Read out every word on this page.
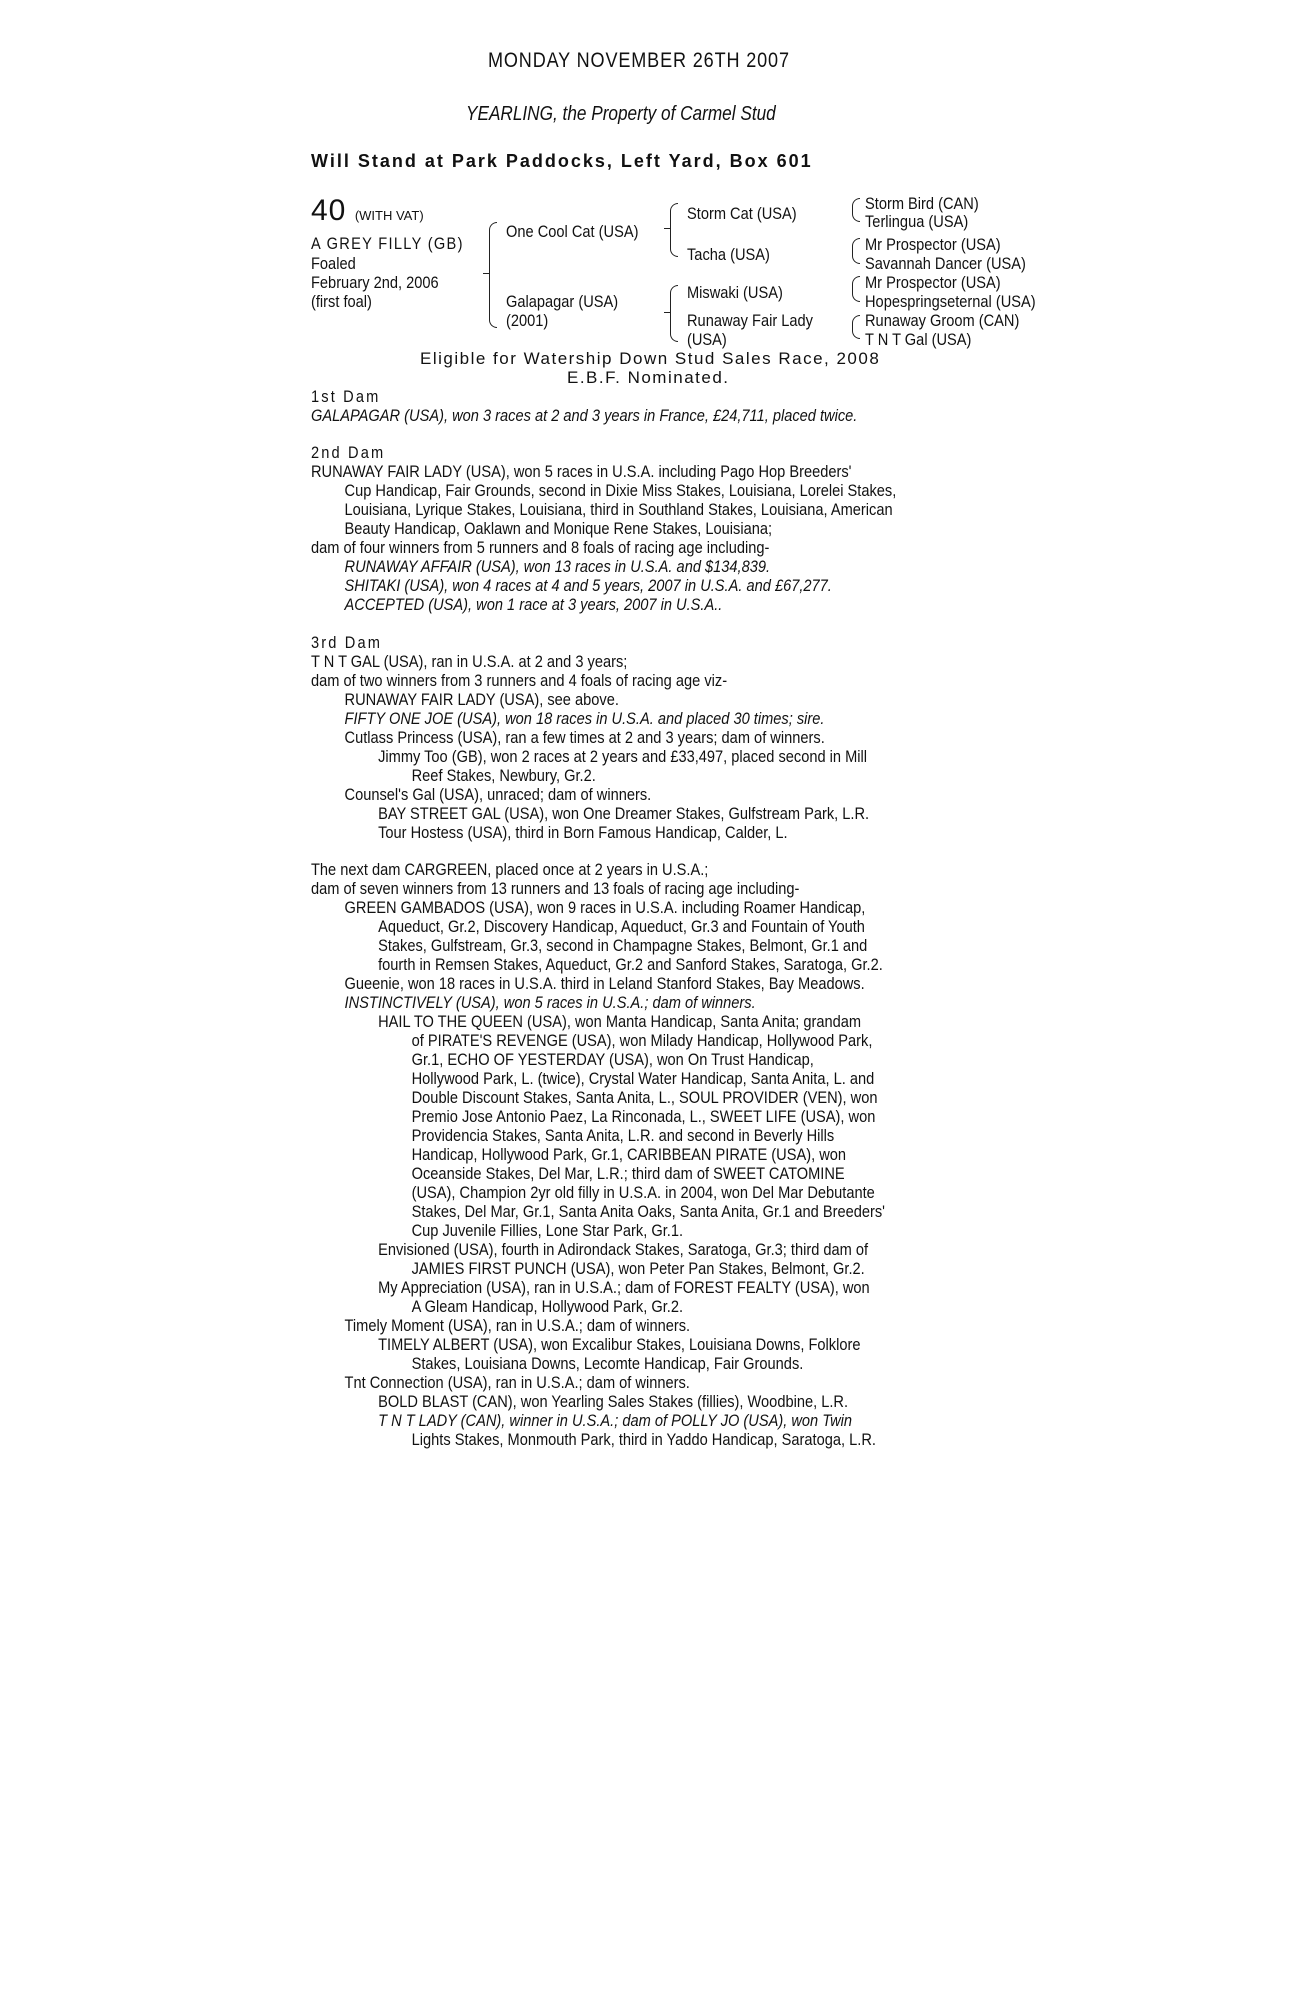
MONDAY NOVEMBER 26TH 2007
YEARLING, the Property of Carmel Stud
Will Stand at Park Paddocks, Left Yard, Box 601
40 (WITH VAT)
A GREY FILLY (GB)
Foaled
February 2nd, 2006
(first foal)
One Cool Cat (USA)
Galapagar (USA)
(2001)
Storm Cat (USA)
Tacha (USA)
Miswaki (USA)
Runaway Fair Lady
(USA)
Storm Bird (CAN)
Terlingua (USA)
Mr Prospector (USA)
Savannah Dancer (USA)
Mr Prospector (USA)
Hopespringseternal (USA)
Runaway Groom (CAN)
T N T Gal (USA)
Eligible for Watership Down Stud Sales Race, 2008
E.B.F. Nominated.
1st Dam
GALAPAGAR (USA), won 3 races at 2 and 3 years in France, £24,711, placed twice.
2nd Dam
RUNAWAY FAIR LADY (USA), won 5 races in U.S.A. including Pago Hop Breeders'
Cup Handicap, Fair Grounds, second in Dixie Miss Stakes, Louisiana, Lorelei Stakes,
Louisiana, Lyrique Stakes, Louisiana, third in Southland Stakes, Louisiana, American
Beauty Handicap, Oaklawn and Monique Rene Stakes, Louisiana;
dam of four winners from 5 runners and 8 foals of racing age including-
RUNAWAY AFFAIR (USA), won 13 races in U.S.A. and $134,839.
SHITAKI (USA), won 4 races at 4 and 5 years, 2007 in U.S.A. and £67,277.
ACCEPTED (USA), won 1 race at 3 years, 2007 in U.S.A..
3rd Dam
T N T GAL (USA), ran in U.S.A. at 2 and 3 years;
dam of two winners from 3 runners and 4 foals of racing age viz-
RUNAWAY FAIR LADY (USA), see above.
FIFTY ONE JOE (USA), won 18 races in U.S.A. and placed 30 times; sire.
Cutlass Princess (USA), ran a few times at 2 and 3 years; dam of winners.
Jimmy Too (GB), won 2 races at 2 years and £33,497, placed second in Mill
Reef Stakes, Newbury, Gr.2.
Counsel's Gal (USA), unraced; dam of winners.
BAY STREET GAL (USA), won One Dreamer Stakes, Gulfstream Park, L.R.
Tour Hostess (USA), third in Born Famous Handicap, Calder, L.
The next dam CARGREEN, placed once at 2 years in U.S.A.;
dam of seven winners from 13 runners and 13 foals of racing age including-
GREEN GAMBADOS (USA), won 9 races in U.S.A. including Roamer Handicap,
Aqueduct, Gr.2, Discovery Handicap, Aqueduct, Gr.3 and Fountain of Youth
Stakes, Gulfstream, Gr.3, second in Champagne Stakes, Belmont, Gr.1 and
fourth in Remsen Stakes, Aqueduct, Gr.2 and Sanford Stakes, Saratoga, Gr.2.
Gueenie, won 18 races in U.S.A. third in Leland Stanford Stakes, Bay Meadows.
INSTINCTIVELY (USA), won 5 races in U.S.A.; dam of winners.
HAIL TO THE QUEEN (USA), won Manta Handicap, Santa Anita; grandam
of PIRATE'S REVENGE (USA), won Milady Handicap, Hollywood Park,
Gr.1, ECHO OF YESTERDAY (USA), won On Trust Handicap,
Hollywood Park, L. (twice), Crystal Water Handicap, Santa Anita, L. and
Double Discount Stakes, Santa Anita, L., SOUL PROVIDER (VEN), won
Premio Jose Antonio Paez, La Rinconada, L., SWEET LIFE (USA), won
Providencia Stakes, Santa Anita, L.R. and second in Beverly Hills
Handicap, Hollywood Park, Gr.1, CARIBBEAN PIRATE (USA), won
Oceanside Stakes, Del Mar, L.R.; third dam of SWEET CATOMINE
(USA), Champion 2yr old filly in U.S.A. in 2004, won Del Mar Debutante
Stakes, Del Mar, Gr.1, Santa Anita Oaks, Santa Anita, Gr.1 and Breeders'
Cup Juvenile Fillies, Lone Star Park, Gr.1.
Envisioned (USA), fourth in Adirondack Stakes, Saratoga, Gr.3; third dam of
JAMIES FIRST PUNCH (USA), won Peter Pan Stakes, Belmont, Gr.2.
My Appreciation (USA), ran in U.S.A.; dam of FOREST FEALTY (USA), won
A Gleam Handicap, Hollywood Park, Gr.2.
Timely Moment (USA), ran in U.S.A.; dam of winners.
TIMELY ALBERT (USA), won Excalibur Stakes, Louisiana Downs, Folklore
Stakes, Louisiana Downs, Lecomte Handicap, Fair Grounds.
Tnt Connection (USA), ran in U.S.A.; dam of winners.
BOLD BLAST (CAN), won Yearling Sales Stakes (fillies), Woodbine, L.R.
T N T LADY (CAN), winner in U.S.A.; dam of POLLY JO (USA), won Twin
Lights Stakes, Monmouth Park, third in Yaddo Handicap, Saratoga, L.R.
